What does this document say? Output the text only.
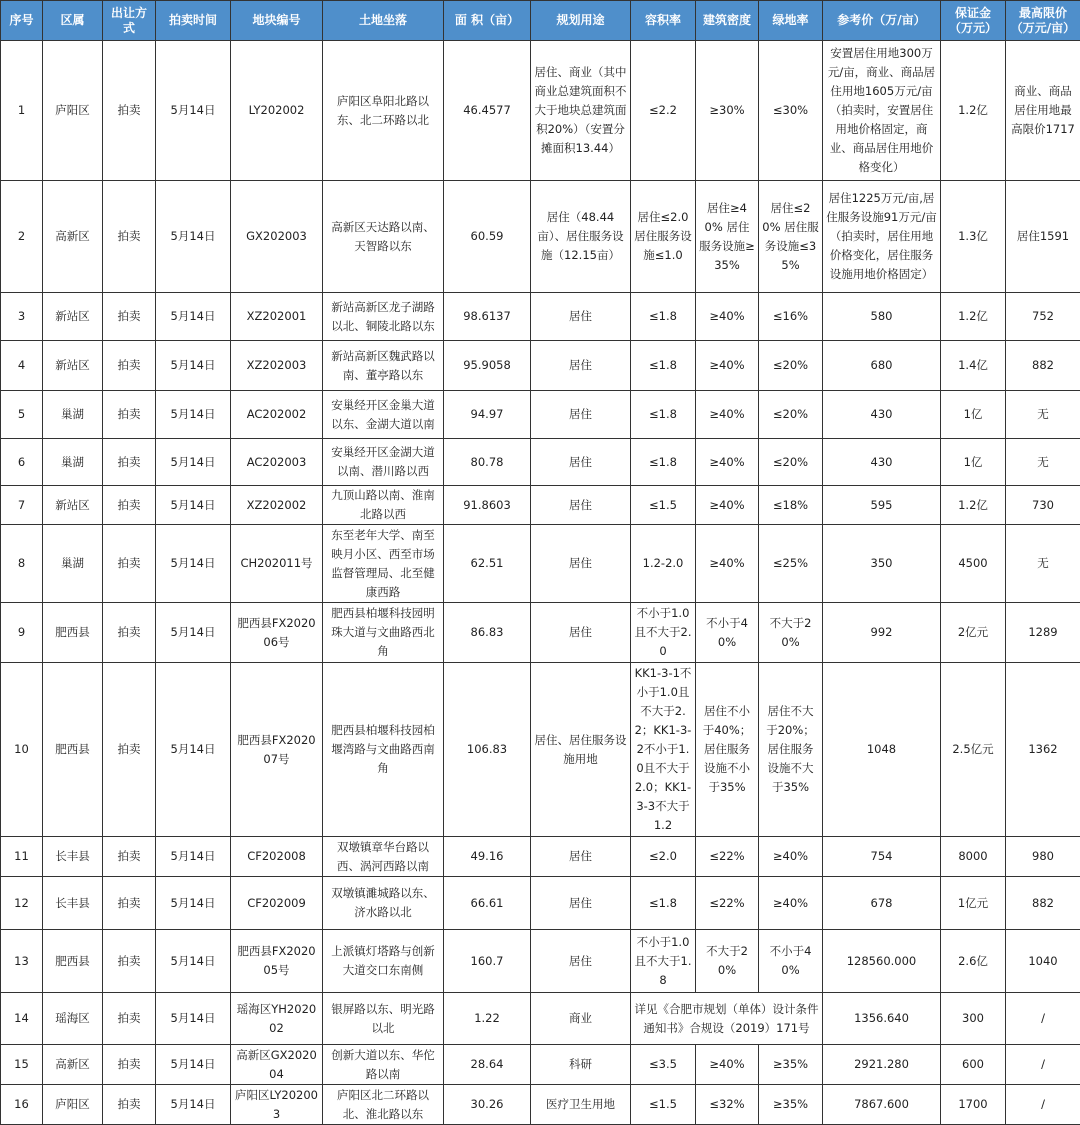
序号	区属	出让方式	拍卖时间	地块编号	土地坐落	面 积（亩）	规划用途	容积率	建筑密度	绿地率	参考价（万/亩）	保证金（万元）	最高限价（万元/亩）
1	庐阳区	拍卖	5月14日	LY202002	庐阳区阜阳北路以东、北二环路以北	46.4577	居住、商业（其中商业总建筑面积不大于地块总建筑面积20%）（安置分摊面积13.44）	≤2.2	≥30%	≤30%	安置居住用地300万元/亩，商业、商品居住用地1605万元/亩（拍卖时，安置居住用地价格固定，商业、商品居住用地价格变化）	1.2亿	商业、商品居住用地最高限价1717
2	高新区	拍卖	5月14日	GX202003	高新区天达路以南、天智路以东	60.59	居住（48.44亩）、居住服务设施（12.15亩）	居住≤2.0 居住服务设施≤1.0	居住≥40% 居住服务设施≥35%	居住≤20% 居住服务设施≤35%	居住1225万元/亩,居住服务设施91万元/亩（拍卖时，居住用地价格变化，居住服务设施用地价格固定）	1.3亿	居住1591
3	新站区	拍卖	5月14日	XZ202001	新站高新区龙子湖路以北、铜陵北路以东	98.6137	居住	≤1.8	≥40%	≤16%	580	1.2亿	752
4	新站区	拍卖	5月14日	XZ202003	新站高新区魏武路以南、董亭路以东	95.9058	居住	≤1.8	≥40%	≤20%	680	1.4亿	882
5	巢湖	拍卖	5月14日	AC202002	安巢经开区金巢大道以东、金湖大道以南	94.97	居住	≤1.8	≥40%	≤20%	430	1亿	无
6	巢湖	拍卖	5月14日	AC202003	安巢经开区金湖大道以南、潜川路以西	80.78	居住	≤1.8	≥40%	≤20%	430	1亿	无
7	新站区	拍卖	5月14日	XZ202002	九顶山路以南、淮南北路以西	91.8603	居住	≤1.5	≥40%	≤18%	595	1.2亿	730
8	巢湖	拍卖	5月14日	CH202011号	东至老年大学、南至映月小区、西至市场监督管理局、北至健康西路	62.51	居住	1.2-2.0	≥40%	≤25%	350	4500	无
9	肥西县	拍卖	5月14日	肥西县FX202006号	肥西县柏堰科技园明珠大道与文曲路西北角	86.83	居住	不小于1.0且不大于2.0	不小于40%	不大于20%	992	2亿元	1289
10	肥西县	拍卖	5月14日	肥西县FX202007号	肥西县柏堰科技园柏堰湾路与文曲路西南角	106.83	居住、居住服务设施用地	KK1-3-1不小于1.0且不大于2.2；KK1-3-2不小于1.0且不大于2.0；KK1-3-3不大于1.2	居住不小于40%；居住服务设施不小于35%	居住不大于20%；居住服务设施不大于35%	1048	2.5亿元	1362
11	长丰县	拍卖	5月14日	CF202008	双墩镇章华台路以西、涡河西路以南	49.16	居住	≤2.0	≤22%	≥40%	754	8000	980
12	长丰县	拍卖	5月14日	CF202009	双墩镇濉城路以东、济水路以北	66.61	居住	≤1.8	≤22%	≥40%	678	1亿元	882
13	肥西县	拍卖	5月14日	肥西县FX202005号	上派镇灯塔路与创新大道交口东南侧	160.7	居住	不小于1.0且不大于1.8	不大于20%	不小于40%	128560.000	2.6亿	1040
14	瑶海区	拍卖	5月14日	瑶海区YH202002	银屏路以东、明光路以北	1.22	商业	详见《合肥市规划（单体）设计条件通知书》合规设（2019）171号			1356.640	300	/
15	高新区	拍卖	5月14日	高新区GX202004	创新大道以东、华佗路以南	28.64	科研	≤3.5	≥40%	≥35%	2921.280	600	/
16	庐阳区	拍卖	5月14日	庐阳区LY202003	庐阳区北二环路以北、淮北路以东	30.26	医疗卫生用地	≤1.5	≤32%	≥35%	7867.600	1700	/
